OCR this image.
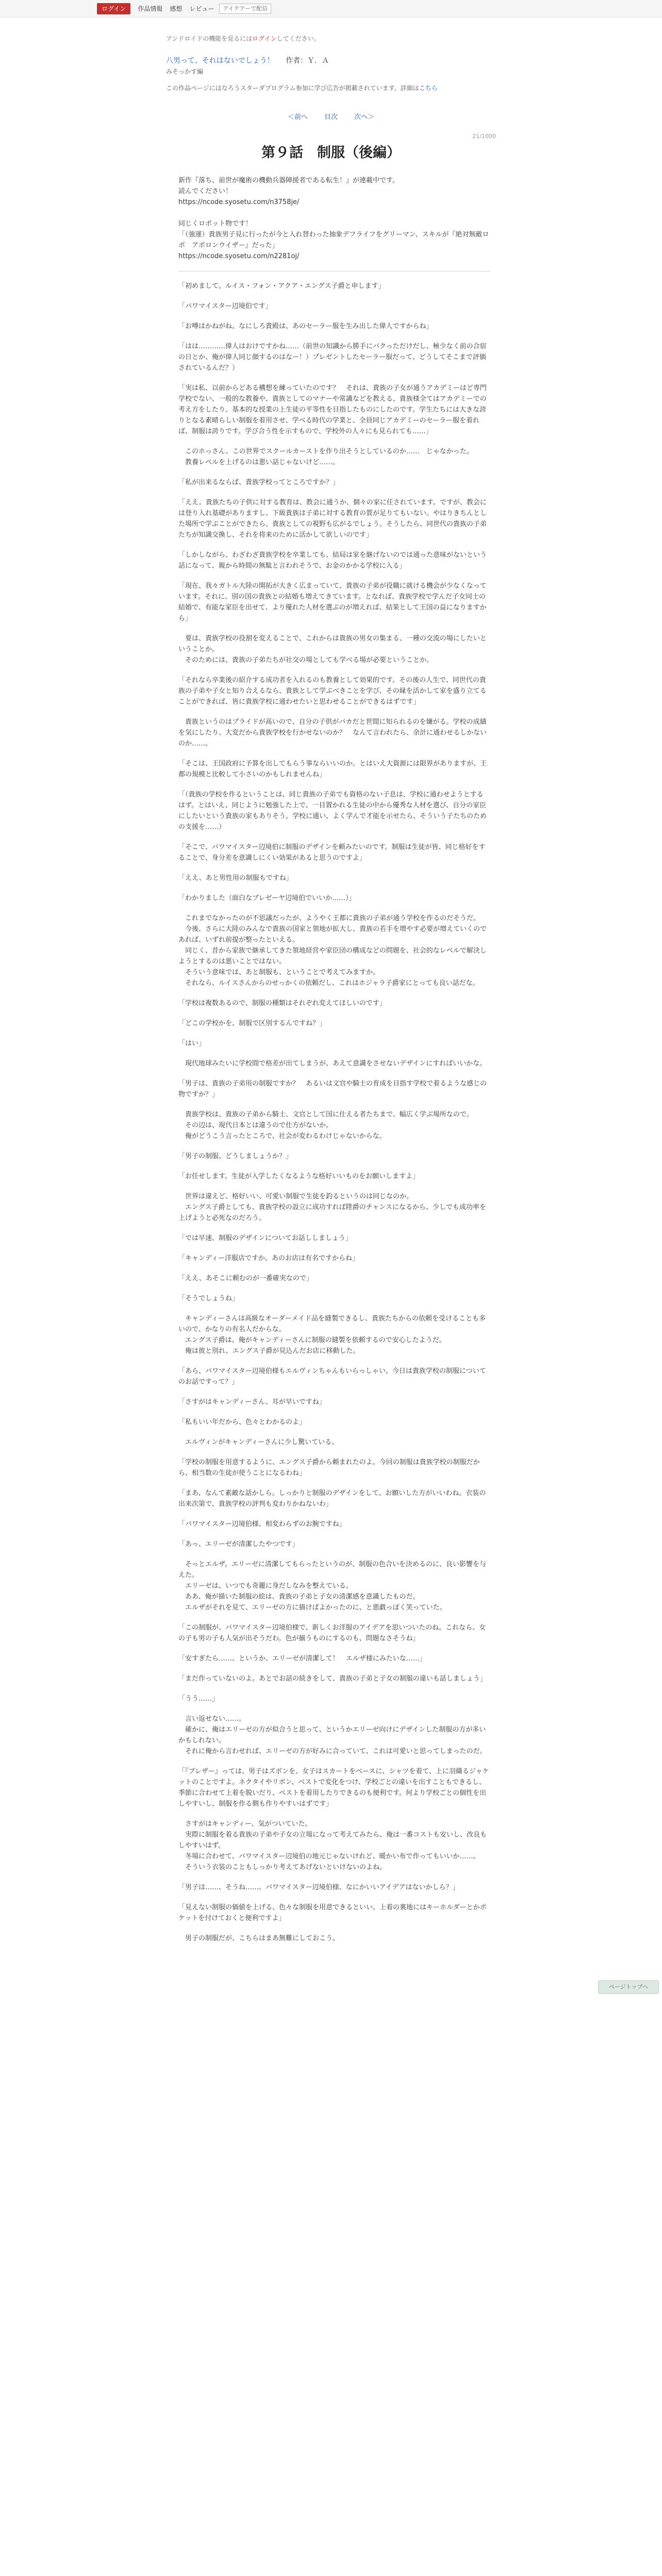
ログイン	作品情報 感想 レビュー	アイテアーで配信
アンドロイドの機能を見るにはログインしてください。
八男って、それはないでしょう！ 作者：Ｙ．Ａ
みそっかす編
この作品ページにはなろうスターダプログラム参加に学び広告が掲載されています。詳細はこちら
＜前へ 目次 次へ＞
21/1000
第９話　制服（後編）

新作『落ち、前世が魔術の機動兵器陣援者である転生！』が連載中です。
読んでください！
https://ncode.syosetu.com/n3758je/

同じくロボット物です！
「（強運）貴族男子見に行ったが今と入れ替わった抽象デフライフをグリーマン、スキルが『絶対無敵ロボ　アポロンウイザー』だった」
https://ncode.syosetu.com/n2281oj/

「初めまして。ルイス・フォン・アクア・エングス子爵と申します」

「パワマイスター辺境伯です」

「お噂はかねがね。なにしろ貴殿は、あのセーラー服を生み出した偉人ですからね」

「はは…………偉人はおけですかね……（前世の知識から勝手にパクっただけだし、極少なく前の合宿の日とか、俺が偉人同じ顔するのはなー！）プレゼントしたセーラー服だって、どうしてそこまで評価されているんだ？）

「実は私、以前からどある構想を練っていたのです？　それは、貴族の子女が通うアカデミーはど専門学校でない、一般的な教養や、貴族としてのマナーや常識などを教える、貴族様全てはアカデミーでの考え方をしたり、基本的な授業の上生徒の平等性を目指したものにしたのです。学生たちには大きな誇りとなる素晴らしい制服を着用させ、学べる時代の学業と、全員同じアカデミーのセーラー服を着れば、制服は誇りです。学び合う性を示すもので、学校外の人々にも見られても……」

　このホっさん、この世界でスクールカーストを作り出そうとしているのか……　じゃなかった。
　教養レベルを上げるのは悪い話じゃないけど……。

「私が出来るならば、貴族学校ってところですか？」

「ええ。貴族たちの子供に対する教育は、教会に通うか、個々の家に任されています。ですが、教会には登り入れ基礎がありますし、下級貴族は子弟に対する教育の質が足りてもいない。やはりきちんとした場所で学ぶことができたら、貴族としての視野も広がるでしょう。そうしたら、同世代の貴族の子弟たちが知識交換し、それを将来のために活かして欲しいのです」

「しかしながら、わざわざ貴族学校を卒業しても、結局は家を継げないのでは通った意味がないという話になって、親から時間の無駄と言われそうで、お金のかかる学校に入る」

「現在、我々ガトル大陸の開拓が大きく広まっていて、貴族の子弟が役職に就ける機会が少なくなっています。それに、別の国の貴族との結婚も増えてきています。となれば、貴族学校で学んだ子女同士の結婚で、有能な家臣を出せて、より優れた人材を選ぶのが増えれば、結果として王国の益になりますから」

　要は、貴族学校の役割を変えることで、これからは貴族の男女の集まる、一種の交流の場にしたいということか。
　そのためには、貴族の子弟たちが社交の場としても学べる場が必要ということか。

「それなら卒業後の紹介する成功者を入れるのも教養として効果的です。その後の人生で、同世代の貴族の子弟や子女と知り合えるなら、貴族として学ぶべきことを学び、その縁を活かして家を盛り立てることができれば、皆に貴族学校に通わせたいと思わせることができるはずです」

　貴族というのはプライドが高いので、自分の子供がバカだと世間に知られるのを嫌がる。学校の成績を気にしたり、大変だから貴族学校を行かせないのか？　なんて言われたら、余計に通わせるしかないのか……。

「そこは、王国政府に予算を出してもらう事ならいいのか。とはいえ大資源には限界がありますが、王都の規模と比較して小さいのかもしれませんね」

「（貴族の学校を作るということは、同じ貴族の子弟でも資格のない子息は、学校に通わせようとするはず。とはいえ、同じように勉強した上で、一目置かれる生徒の中から優秀な人材を選び、自分の家臣にしたいという貴族の家もありそう。学校に通い、よく学んで才能を示せたら、そういう子たちのための支援を……）

「そこで、パワマイスター辺境伯に制服のデザインを頼みたいのです。制服は生徒が皆、同じ格好をすることで、身分差を意識しにくい効果があると思うのですよ」

「ええ、あと男性用の制服もですね」

「わかりました（面白なプレゼーヤ辺境伯でいいか……）」

　これまでなかったのが不思議だったが、ようやく王都に貴族の子弟が通う学校を作るのだそうだ。
　今後、さらに大陸のみんなで貴族の国家と領地が拡大し、貴族の若手を増やす必要が増えていくのであれば、いずれ前提が整ったといえる。
　同じく、昔から家族で継承してきた領地経営や家臣団の構成などの問題を、社会的なレベルで解決しようとするのは悪いことではない。
　そういう意味では、あと制服も、ということで考えてみますか。
　それなら、ルイスさんからのせっかくの依頼だし、これはホジャラ子爵家にとっても良い話だな。

「学校は複数あるので、制服の種類はそれぞれ変えてほしいのです」

「どこの学校かを、制服で区別するんですね？」

「はい」

　現代地球みたいに学校間で格差が出てしまうが、あえて意識をさせないデザインにすればいいかな。

「男子は、貴族の子弟用の制服ですか？　あるいは文官や騎士の育成を目指す学校で着るような感じの物ですか？」

　貴族学校は、貴族の子弟から騎士、文官として国に仕える者たちまで、幅広く学ぶ場所なので。
　その辺は、現代日本とは違うので仕方がないか。
　俺がどうこう言ったところで、社会が変わるわけじゃないからな。

「男子の制服、どうしましょうか？」

「お任せします。生徒が入学したくなるような格好いいものをお願いしますよ」

　世界は違えど、格好いい、可愛い制服で生徒を釣るというのは同じなのか。
　エングス子爵としても、貴族学校の設立に成功すれば陞爵のチャンスになるから、少しでも成功率を上げようと必死なのだろう。

「では早速、制服のデザインについてお話ししましょう」

「キャンディー洋服店ですか。あのお店は有名ですからね」

「ええ、あそこに頼むのが一番確実なので」

「そうでしょうね」

　キャンディーさんは高級なオーダーメイド品を縫製できるし、貴族たちからの依頼を受けることも多いので、かなりの有名人だからな。
　エングス子爵は、俺がキャンディーさんに制服の縫製を依頼するので安心したようだ。
　俺は彼と別れ、エングス子爵が見込んだお店に移動した。

「あら、パワマイスター辺境伯様もエルヴィンちゃんもいらっしゃい。今日は貴族学校の制服についてのお話ですって？」

「さすがはキャンディーさん、耳が早いですね」

「私もいい年だから、色々とわかるのよ」

　エルヴィンがキャンディーさんに少し驚いている。

「学校の制服を用意するように、エングス子爵から頼まれたのよ。今回の制服は貴族学校の制服だから、相当数の生徒が使うことになるわね」

「まあ、なんて素敵な話かしら。しっかりと制服のデザインをして、お願いした方がいいわね。衣装の出来次第で、貴族学校の評判も変わりかねないわ」

「パワマイスター辺境伯様、相変わらずのお腕ですね」

「あっ、エリーゼが清潔したやつです」

　そっとエルザ。エリーゼに清潔してもらったというのが、制服の色合いを決めるのに、良い影響を与えた。
　エリーゼは、いつでも奇麗に身だしなみを整えている。
　ああ、俺が描いた制服の絵は、貴族の子弟と子女の清潔感を意識したものだ。
　エルザがそれを見て、エリーゼの方に描けばよかったのに、と悪戯っぽく笑っていた。

「この制服が、パワマイスター辺境伯様で、新しくお洋服のアイデアを思いついたのね。これなら、女の子も男の子も人気が出そうだわ。色が揃うものにするのも、問題なさそうね」

「安すぎたら……、というか、エリーゼが清潔して！　エルザ様にみたいな……」

「まだ作っていないのよ。あとでお話の続きをして、貴族の子弟と子女の制服の違いも話しましょう」

「うう……」

　言い返せない……。
　確かに、俺はエリーゼの方が似合うと思って、というかエリーゼ向けにデザインした制服の方が多いかもしれない。
　それに俺から言わせれば、エリーゼの方が好みに合っていて、これは可愛いと思ってしまったのだ。

「『ブレザー』っては、男子はズボンを、女子はスカートをベースに、シャツを着て、上に羽織るジャケットのことですよ。ネクタイやリボン、ベストで変化をつけ、学校ごとの違いを出すこともできるし、季節に合わせて上着を脱いだり、ベストを着用したりできるのも便利です。何より学校ごとの個性を出しやすいし、制服を作る側も作りやすいはずです」

　さすがはキャンディー、気がついていた。
　実際に制服を着る貴族の子弟や子女の立場になって考えてみたら、俺は一番コストも安いし、改良もしやすいはず。
　冬場に合わせて、パワマイスター辺境伯の地元じゃないけれど、暖かい布で作ってもいいか……。
　そういう衣装のこともしっかり考えてあげないといけないのよね。

「男子は……、そうね……。パワマイスター辺境伯様、なにかいいアイデアはないかしら？」

「見えない制服の価値を上げる、色々な制服を用意できるといい。上着の裏地にはキーホルダーとかポケットを付けておくと便利ですよ」

　男子の制服だが、こちらはまあ無難にしておこう。

ページトップへ
